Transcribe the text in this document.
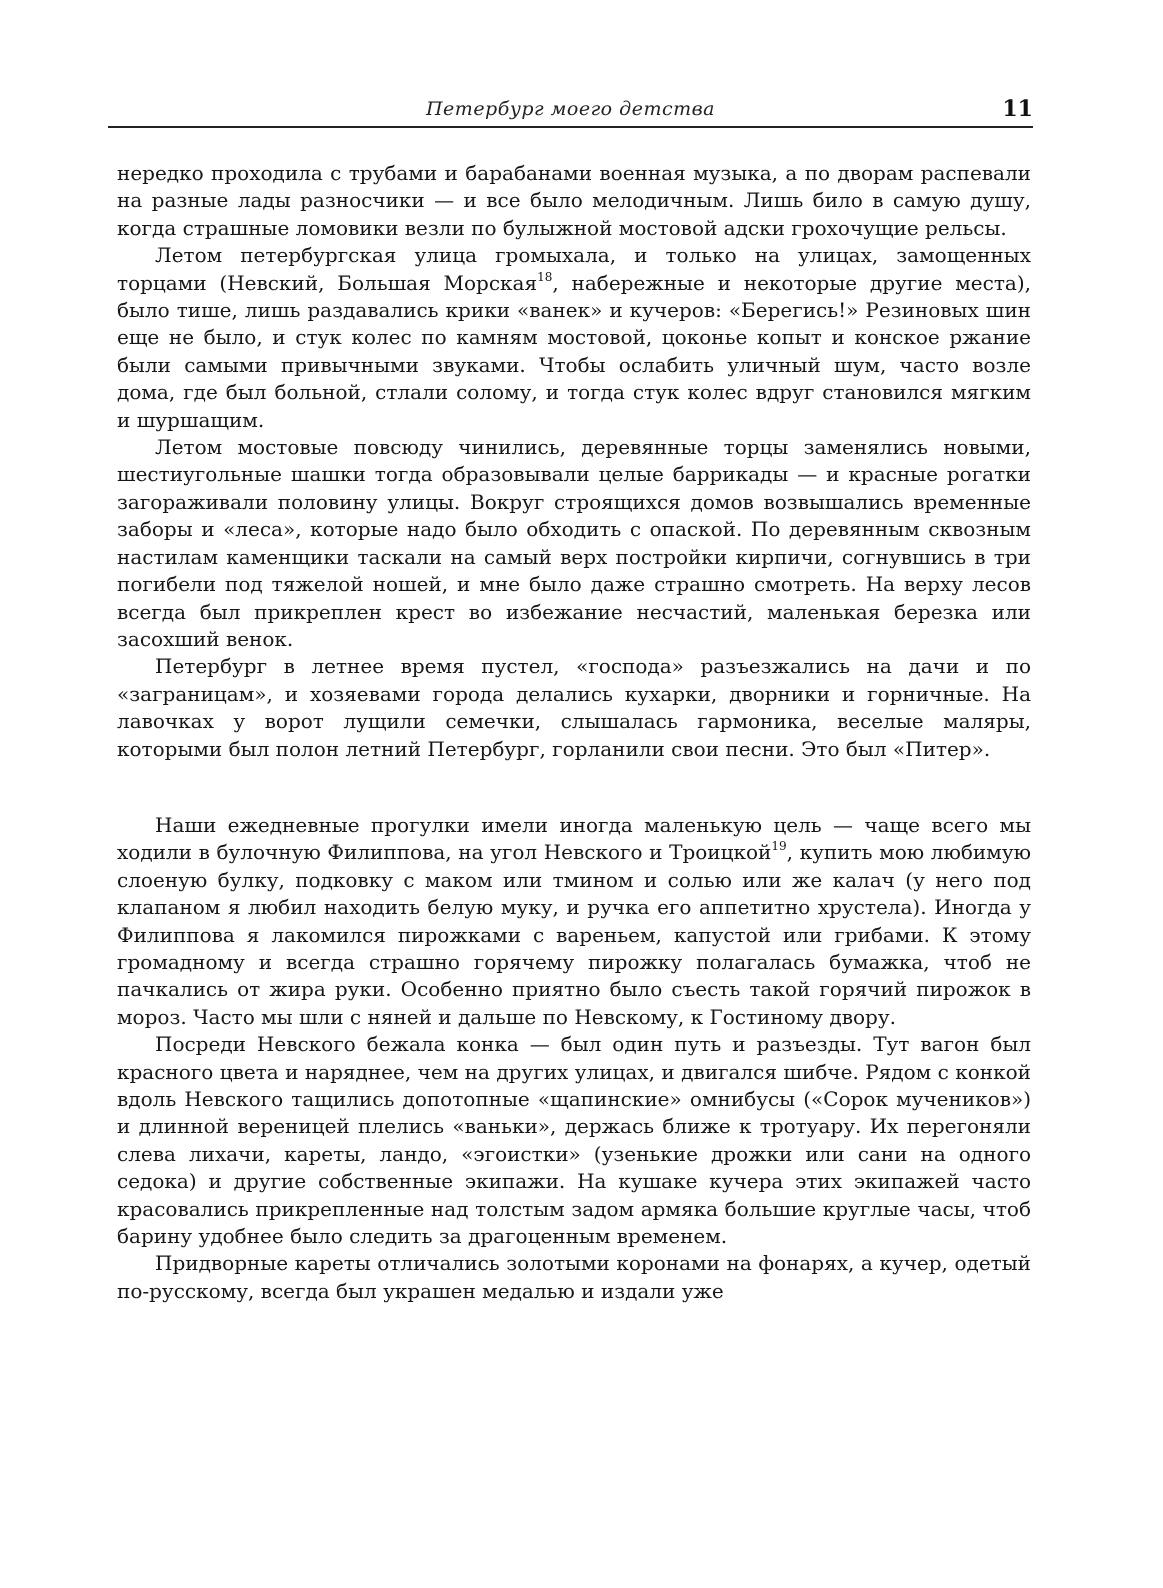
Петербург моего детства	11

нередко проходила с трубами и барабанами военная музыка, а по дворам распевали на разные лады разносчики — и все было мелодичным. Лишь било в самую душу, когда страшные ломовики везли по булыжной мостовой адски грохочущие рельсы.

Летом петербургская улица громыхала, и только на улицах, замощенных торцами (Невский, Большая Морская$^{18}$, набережные и некоторые другие места), было тише, лишь раздавались крики «ванек» и кучеров: «Берегись!» Резиновых шин еще не было, и стук колес по камням мостовой, цоконье копыт и конское ржание были самыми привычными звуками. Чтобы ослабить уличный шум, часто возле дома, где был больной, стлали солому, и тогда стук колес вдруг становился мягким и шуршащим.

Летом мостовые повсюду чинились, деревянные торцы заменялись новыми, шестиугольные шашки тогда образовывали целые баррикады — и красные рогатки загораживали половину улицы. Вокруг строящихся домов возвышались временные заборы и «леса», которые надо было обходить с опаской. По деревянным сквозным настилам каменщики таскали на самый верх постройки кирпичи, согнувшись в три погибели под тяжелой ношей, и мне было даже страшно смотреть. На верху лесов всегда был прикреплен крест во избежание несчастий, маленькая березка или засохший венок.

Петербург в летнее время пустел, «господа» разъезжались на дачи и по «заграницам», и хозяевами города делались кухарки, дворники и горничные. На лавочках у ворот лущили семечки, слышалась гармоника, веселые маляры, которыми был полон летний Петербург, горланили свои песни. Это был «Питер».

Наши ежедневные прогулки имели иногда маленькую цель — чаще всего мы ходили в булочную Филиппова, на угол Невского и Троицкой$^{19}$, купить мою любимую слоеную булку, подковку с маком или тмином и солью или же калач (у него под клапаном я любил находить белую муку, и ручка его аппетитно хрустела). Иногда у Филиппова я лакомился пирожками с вареньем, капустой или грибами. К этому громадному и всегда страшно горячему пирожку полагалась бумажка, чтоб не пачкались от жира руки. Особенно приятно было съесть такой горячий пирожок в мороз. Часто мы шли с няней и дальше по Невскому, к Гостиному двору.

Посреди Невского бежала конка — был один путь и разъезды. Тут вагон был красного цвета и наряднее, чем на других улицах, и двигался шибче. Рядом с конкой вдоль Невского тащились допотопные «щапинские» омнибусы («Сорок мучеников») и длинной вереницей плелись «ваньки», держась ближе к тротуару. Их перегоняли слева лихачи, кареты, ландо, «эгоистки» (узенькие дрожки или сани на одного седока) и другие собственные экипажи. На кушаке кучера этих экипажей часто красовались прикрепленные над толстым задом армяка большие круглые часы, чтоб барину удобнее было следить за драгоценным временем.

Придворные кареты отличались золотыми коронами на фонарях, а кучер, одетый по-русскому, всегда был украшен медалью и издали уже
